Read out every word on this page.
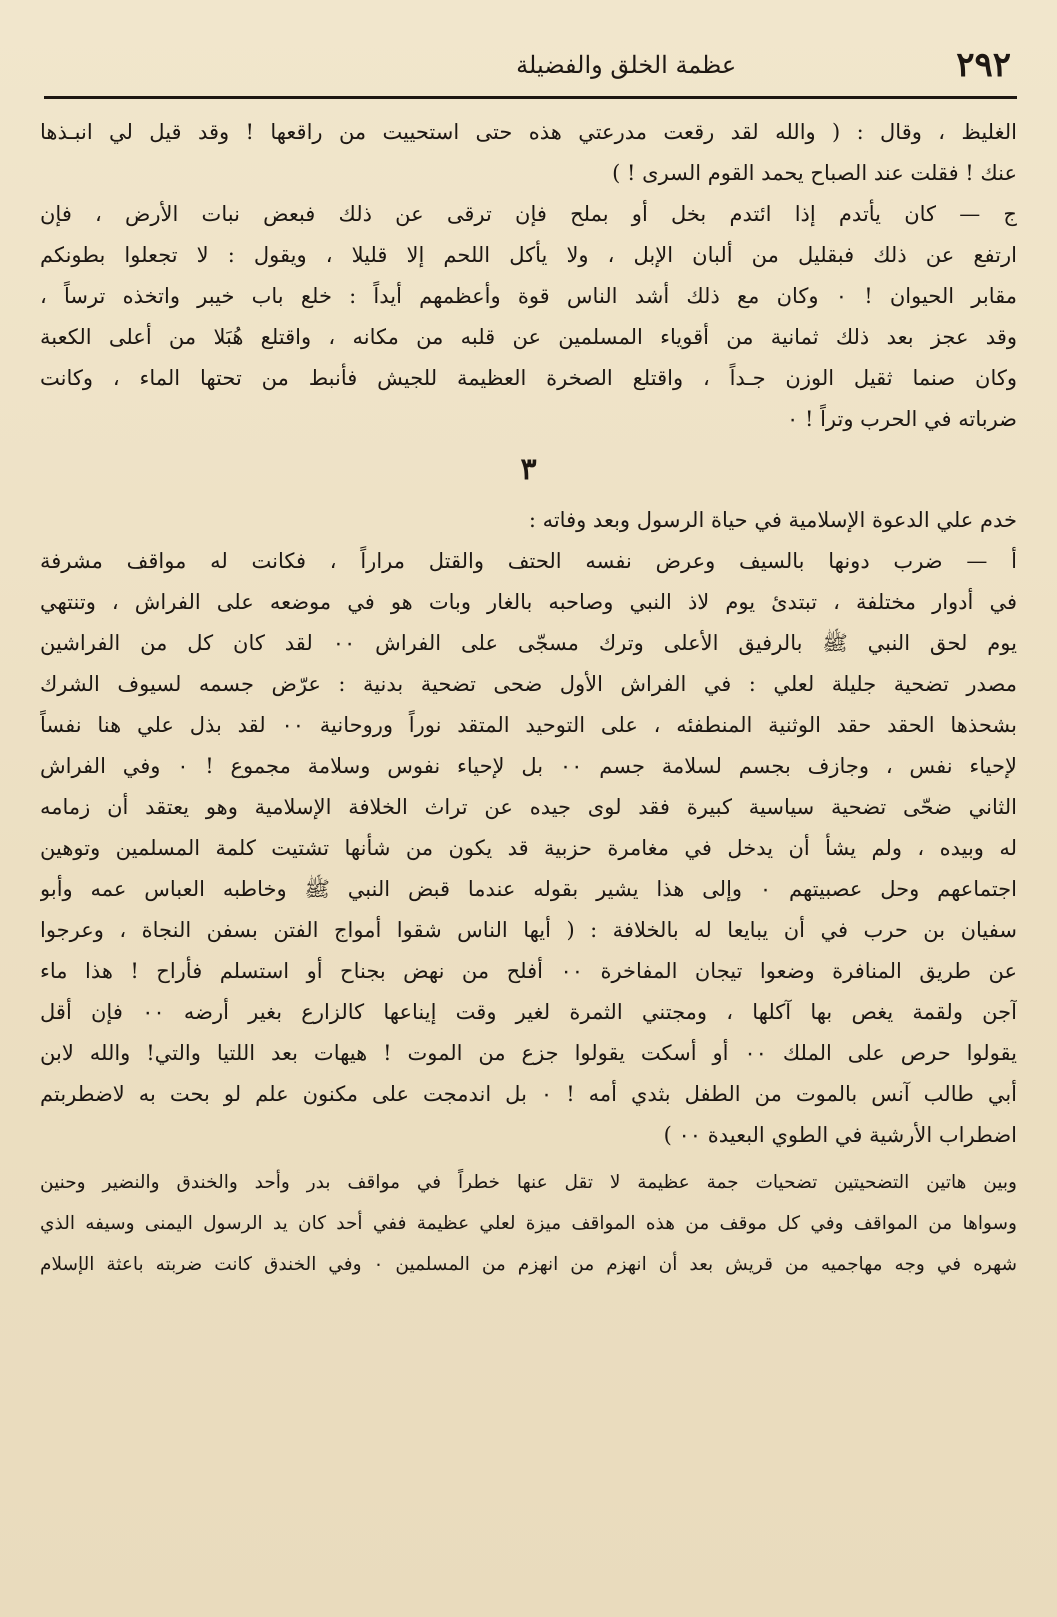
٢٩٢
عظمة الخلق والفضيلة
الغليظ ، وقال : ( والله لقد رقعت مدرعتي هذه حتى استحييت من راقعها ! وقد قيل لي انبـذها
عنك ! فقلت عند الصباح يحمد القوم السرى ! )
ج — كان يأتدم إذا ائتدم بخل أو بملح فإن ترقى عن ذلك فبعض نبات الأرض ، فإن
ارتفع عن ذلك فبقليل من ألبان الإبل ، ولا يأكل اللحم إلا قليلا ، ويقول : لا تجعلوا بطونكم
مقابر الحيوان ! ٠ وكان مع ذلك أشد الناس قوة وأعظمهم أيداً : خلع باب خيبر واتخذه ترساً ،
وقد عجز بعد ذلك ثمانية من أقوياء المسلمين عن قلبه من مكانه ، واقتلع هُبَلا من أعلى الكعبة
وكان صنما ثقيل الوزن جـداً ، واقتلع الصخرة العظيمة للجيش فأنبط من تحتها الماء ، وكانت
ضرباته في الحرب وتراً ! ٠
٣
خدم علي الدعوة الإسلامية في حياة الرسول وبعد وفاته :
أ — ضرب دونها بالسيف وعرض نفسه الحتف والقتل مراراً ، فكانت له مواقف مشرفة
في أدوار مختلفة ، تبتدئ يوم لاذ النبي وصاحبه بالغار وبات هو في موضعه على الفراش ، وتنتهي
يوم لحق النبي ﷺ بالرفيق الأعلى وترك مسجّى على الفراش ٠٠ لقد كان كل من الفراشين
مصدر تضحية جليلة لعلي : في الفراش الأول ضحى تضحية بدنية : عرّض جسمه لسيوف الشرك
بشحذها الحقد حقد الوثنية المنطفئه ، على التوحيد المتقد نوراً وروحانية ٠٠ لقد بذل علي هنا نفساً
لإحياء نفس ، وجازف بجسم لسلامة جسم ٠٠ بل لإحياء نفوس وسلامة مجموع ! ٠ وفي الفراش
الثاني ضحّى تضحية سياسية كبيرة فقد لوى جيده عن تراث الخلافة الإسلامية وهو يعتقد أن زمامه
له وبيده ، ولم يشأ أن يدخل في مغامرة حزبية قد يكون من شأنها تشتيت كلمة المسلمين وتوهين
اجتماعهم وحل عصبيتهم ٠ وإلى هذا يشير بقوله عندما قبض النبي ﷺ وخاطبه العباس عمه وأبو
سفيان بن حرب في أن يبايعا له بالخلافة : ( أيها الناس شقوا أمواج الفتن بسفن النجاة ، وعرجوا
عن طريق المنافرة وضعوا تيجان المفاخرة ٠٠ أفلح من نهض بجناح أو استسلم فأراح ! هذا ماء
آجن ولقمة يغص بها آكلها ، ومجتني الثمرة لغير وقت إيناعها كالزارع بغير أرضه ٠٠ فإن أقل
يقولوا حرص على الملك ٠٠ أو أسكت يقولوا جزع من الموت ! هيهات بعد اللتيا والتي! والله لابن
أبي طالب آنس بالموت من الطفل بثدي أمه ! ٠ بل اندمجت على مكنون علم لو بحت به لاضطربتم
اضطراب الأرشية في الطوي البعيدة ٠٠ )
وبين هاتين التضحيتين تضحيات جمة عظيمة لا تقل عنها خطراً في مواقف بدر وأحد والخندق والنضير وحنين
وسواها من المواقف وفي كل موقف من هذه المواقف ميزة لعلي عظيمة ففي أحد كان يد الرسول اليمنى وسيفه الذي
شهره في وجه مهاجميه من قريش بعد أن انهزم من انهزم من المسلمين ٠ وفي الخندق كانت ضربته باعثة الإسلام
